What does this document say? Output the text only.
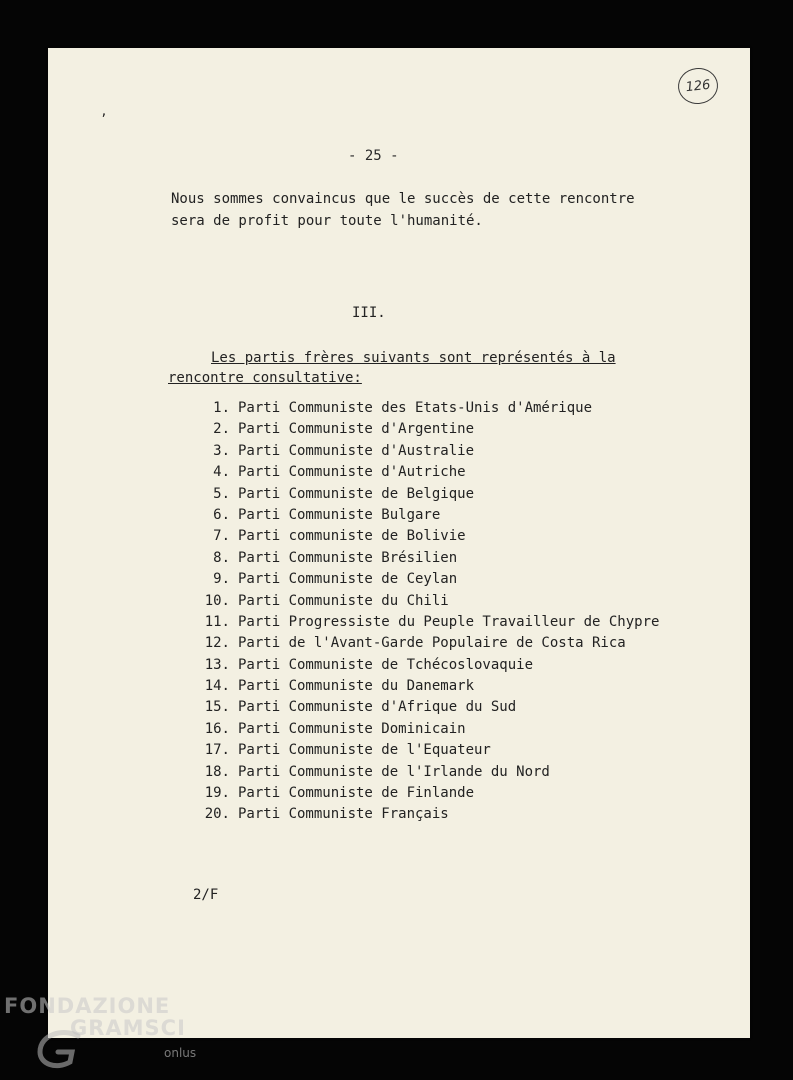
126
ʼ
- 25 -
Nous sommes convaincus que le succès de cette rencontre
sera de profit pour toute l'humanité.
III.
Les partis frères suivants sont représentés à la
rencontre consultative:
1. Parti Communiste des Etats-Unis d'Amérique
2. Parti Communiste d'Argentine
3. Parti Communiste d'Australie
4. Parti Communiste d'Autriche
5. Parti Communiste de Belgique
6. Parti Communiste Bulgare
7. Parti communiste de Bolivie
8. Parti Communiste Brésilien
9. Parti Communiste de Ceylan
10. Parti Communiste du Chili
11. Parti Progressiste du Peuple Travailleur de Chypre
12. Parti de l'Avant-Garde Populaire de Costa Rica
13. Parti Communiste de Tchécoslovaquie
14. Parti Communiste du Danemark
15. Parti Communiste d'Afrique du Sud
16. Parti Communiste Dominicain
17. Parti Communiste de l'Equateur
18. Parti Communiste de l'Irlande du Nord
19. Parti Communiste de Finlande
20. Parti Communiste Français
2/F
FONDAZIONE
GRAMSCI
onlus
